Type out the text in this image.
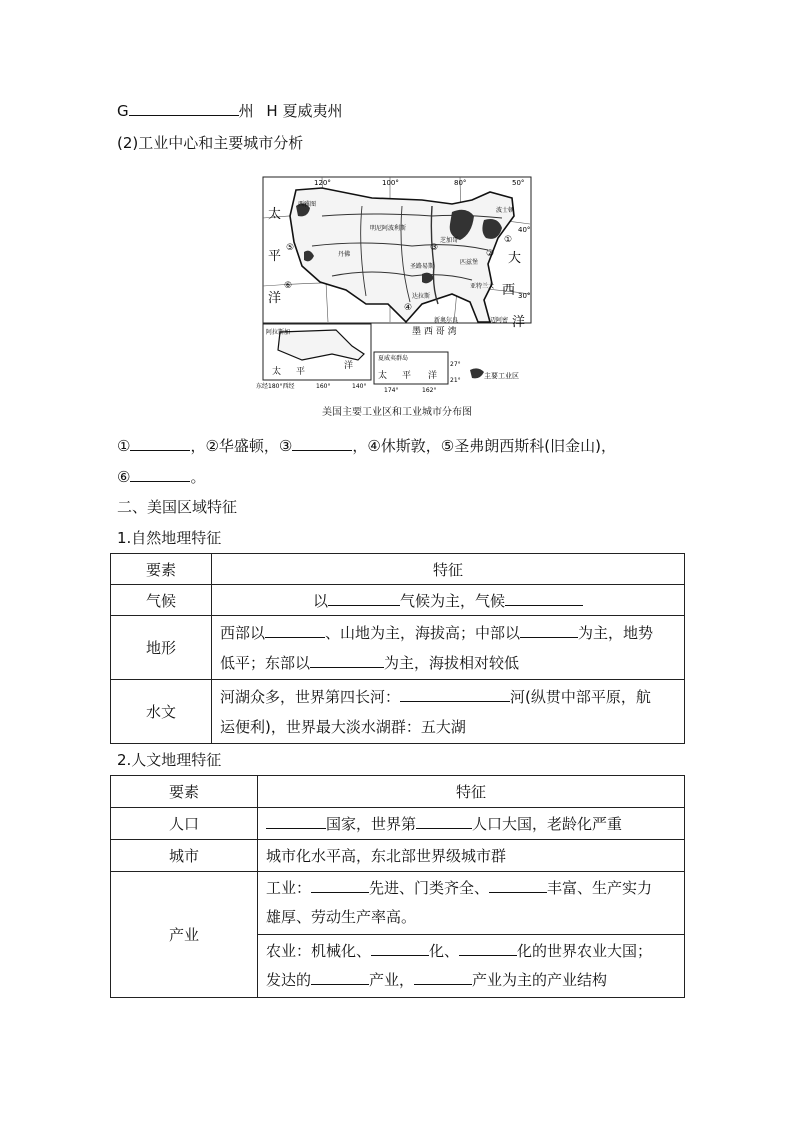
G	州 H 夏威夷州
(2)工业中心和主要城市分析
120°	100°	80°	50°
40°
30°
太
平
洋
大
西
洋
西雅图
明尼阿波利斯
芝加哥
匹兹堡
丹佛
圣路易斯
亚特兰大
达拉斯
新奥尔良	迈阿密
波士顿
墨 西 哥 湾
①
②
③
④
⑤
⑥
阿拉斯加
太 平
洋
东经180°西经	160°	140°
夏威夷群岛
太 平 洋
27°
21°
174°	162°
主要工业区
美国主要工业区和工业城市分布图
①	，②华盛顿，③	，④休斯敦，⑤圣弗朗西斯科(旧金山)，
⑥	。
二、美国区域特征
1.自然地理特征
要素	特征
气候	以 气候为主，气候
地形	西部以 、山地为主，海拔高；中部以 为主，地势
低平；东部以 为主，海拔相对较低

水文	河湖众多，世界第四长河： 河(纵贯中部平原，航
运便利)，世界最大淡水湖群：五大湖
2.人文地理特征
要素	特征
人口	国家，世界第 人口大国，老龄化严重
城市	城市化水平高，东北部世界级城市群
产业	工业： 先进、门类齐全、 丰富、生产实力
雄厚、劳动生产率高。

	农业：机械化、 化、 化的世界农业大国；
发达的 产业， 产业为主的产业结构
